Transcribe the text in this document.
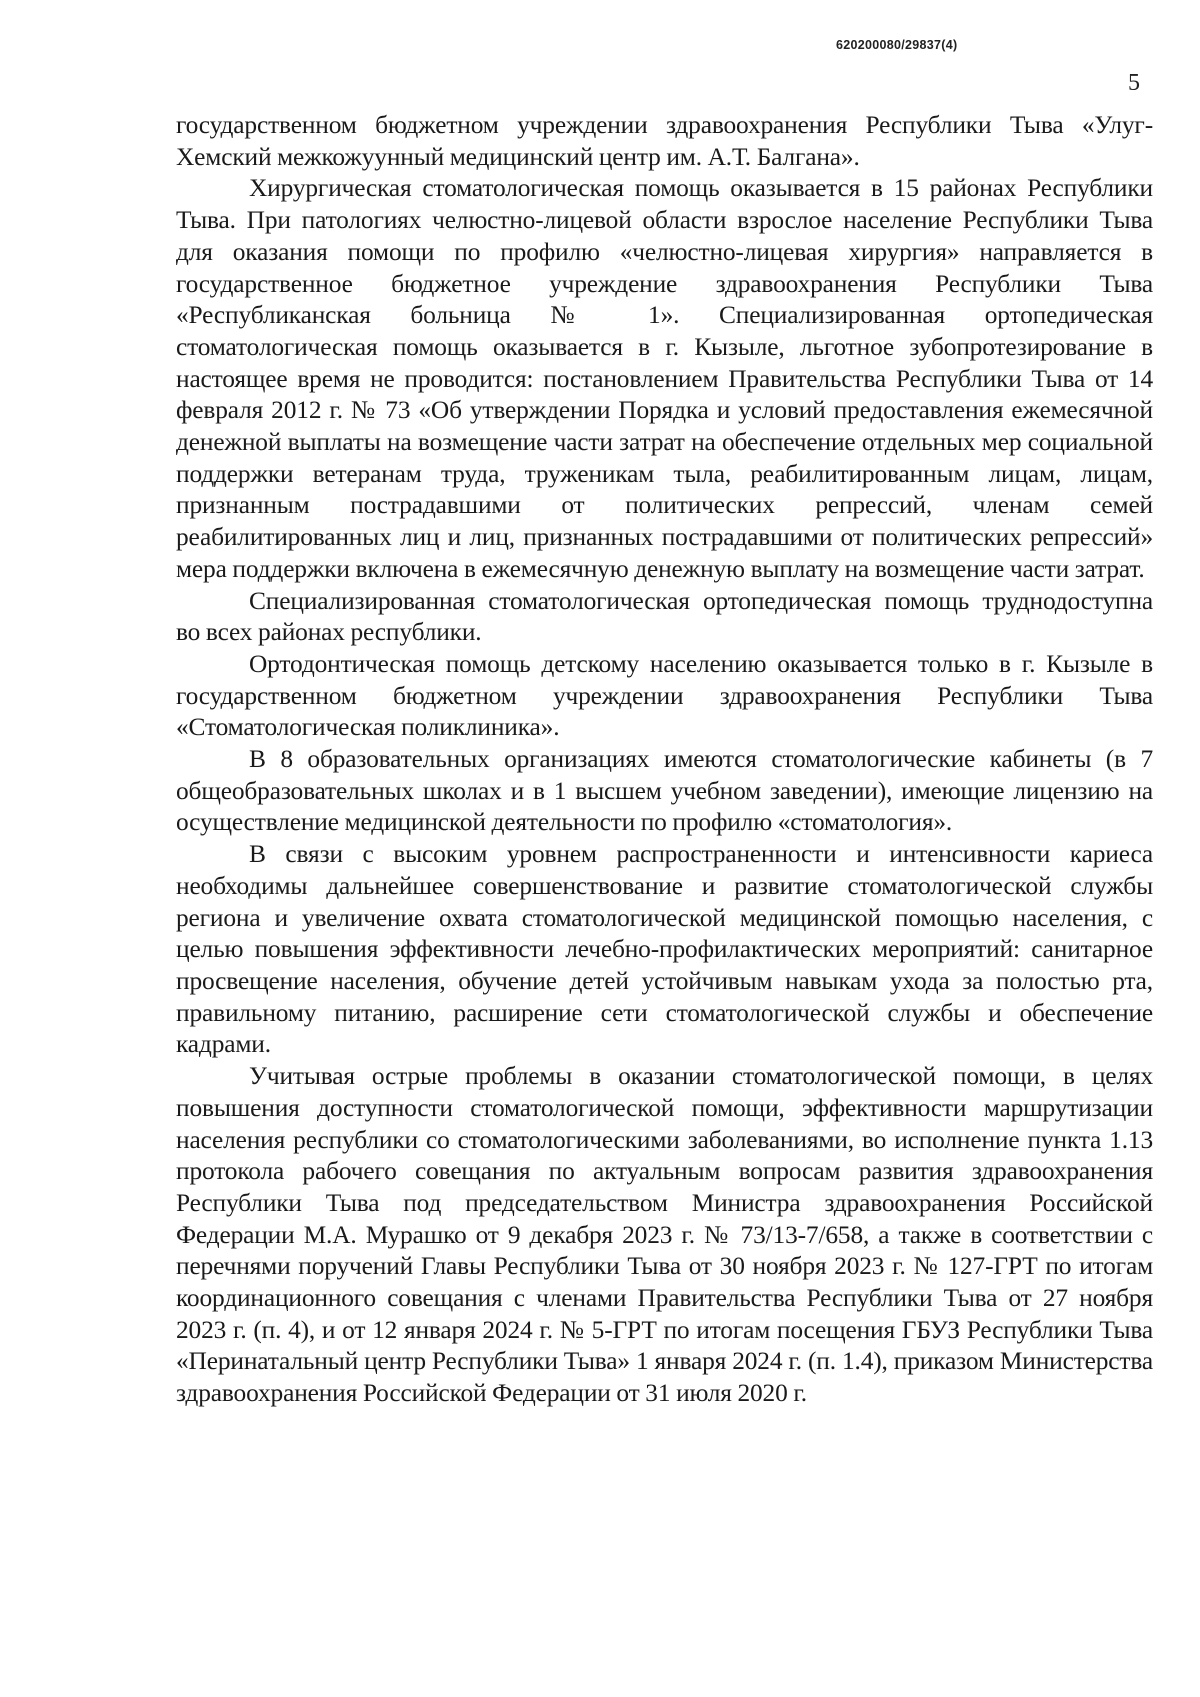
620200080/29837(4)
5

государственном бюджетном учреждении здравоохранения Республики Тыва «Улуг-Хемский межкожуунный медицинский центр им. А.Т. Балгана».

Хирургическая стоматологическая помощь оказывается в 15 районах Республики Тыва. При патологиях челюстно-лицевой области взрослое население Республики Тыва для оказания помощи по профилю «челюстно-лицевая хирургия» направляется в государственное бюджетное учреждение здравоохранения Республики Тыва «Республиканская больница № 1». Специализированная ортопедическая стоматологическая помощь оказывается в г. Кызыле, льготное зубопротезирование в настоящее время не проводится: постановлением Правительства Республики Тыва от 14 февраля 2012 г. № 73 «Об утверждении Порядка и условий предоставления ежемесячной денежной выплаты на возмещение части затрат на обеспечение отдельных мер социальной поддержки ветеранам труда, труженикам тыла, реабилитированным лицам, лицам, признанным пострадавшими от политических репрессий, членам семей реабилитированных лиц и лиц, признанных пострадавшими от политических репрессий» мера поддержки включена в ежемесячную денежную выплату на возмещение части затрат.

Специализированная стоматологическая ортопедическая помощь труднодоступна во всех районах республики.

Ортодонтическая помощь детскому населению оказывается только в г. Кызыле в государственном бюджетном учреждении здравоохранения Республики Тыва «Стоматологическая поликлиника».

В 8 образовательных организациях имеются стоматологические кабинеты (в 7 общеобразовательных школах и в 1 высшем учебном заведении), имеющие лицензию на осуществление медицинской деятельности по профилю «стоматология».

В связи с высоким уровнем распространенности и интенсивности кариеса необходимы дальнейшее совершенствование и развитие стоматологической службы региона и увеличение охвата стоматологической медицинской помощью населения, с целью повышения эффективности лечебно-профилактических мероприятий: санитарное просвещение населения, обучение детей устойчивым навыкам ухода за полостью рта, правильному питанию, расширение сети стоматологической службы и обеспечение кадрами.

Учитывая острые проблемы в оказании стоматологической помощи, в целях повышения доступности стоматологической помощи, эффективности маршрутизации населения республики со стоматологическими заболеваниями, во исполнение пункта 1.13 протокола рабочего совещания по актуальным вопросам развития здравоохранения Республики Тыва под председательством Министра здравоохранения Российской Федерации М.А. Мурашко от 9 декабря 2023 г. № 73/13-7/658, а также в соответствии с перечнями поручений Главы Республики Тыва от 30 ноября 2023 г. № 127-ГРТ по итогам координационного совещания с членами Правительства Республики Тыва от 27 ноября 2023 г. (п. 4), и от 12 января 2024 г. № 5-ГРТ по итогам посещения ГБУЗ Республики Тыва «Перинатальный центр Республики Тыва» 1 января 2024 г. (п. 1.4), приказом Министерства здравоохранения Российской Федерации от 31 июля 2020 г.
